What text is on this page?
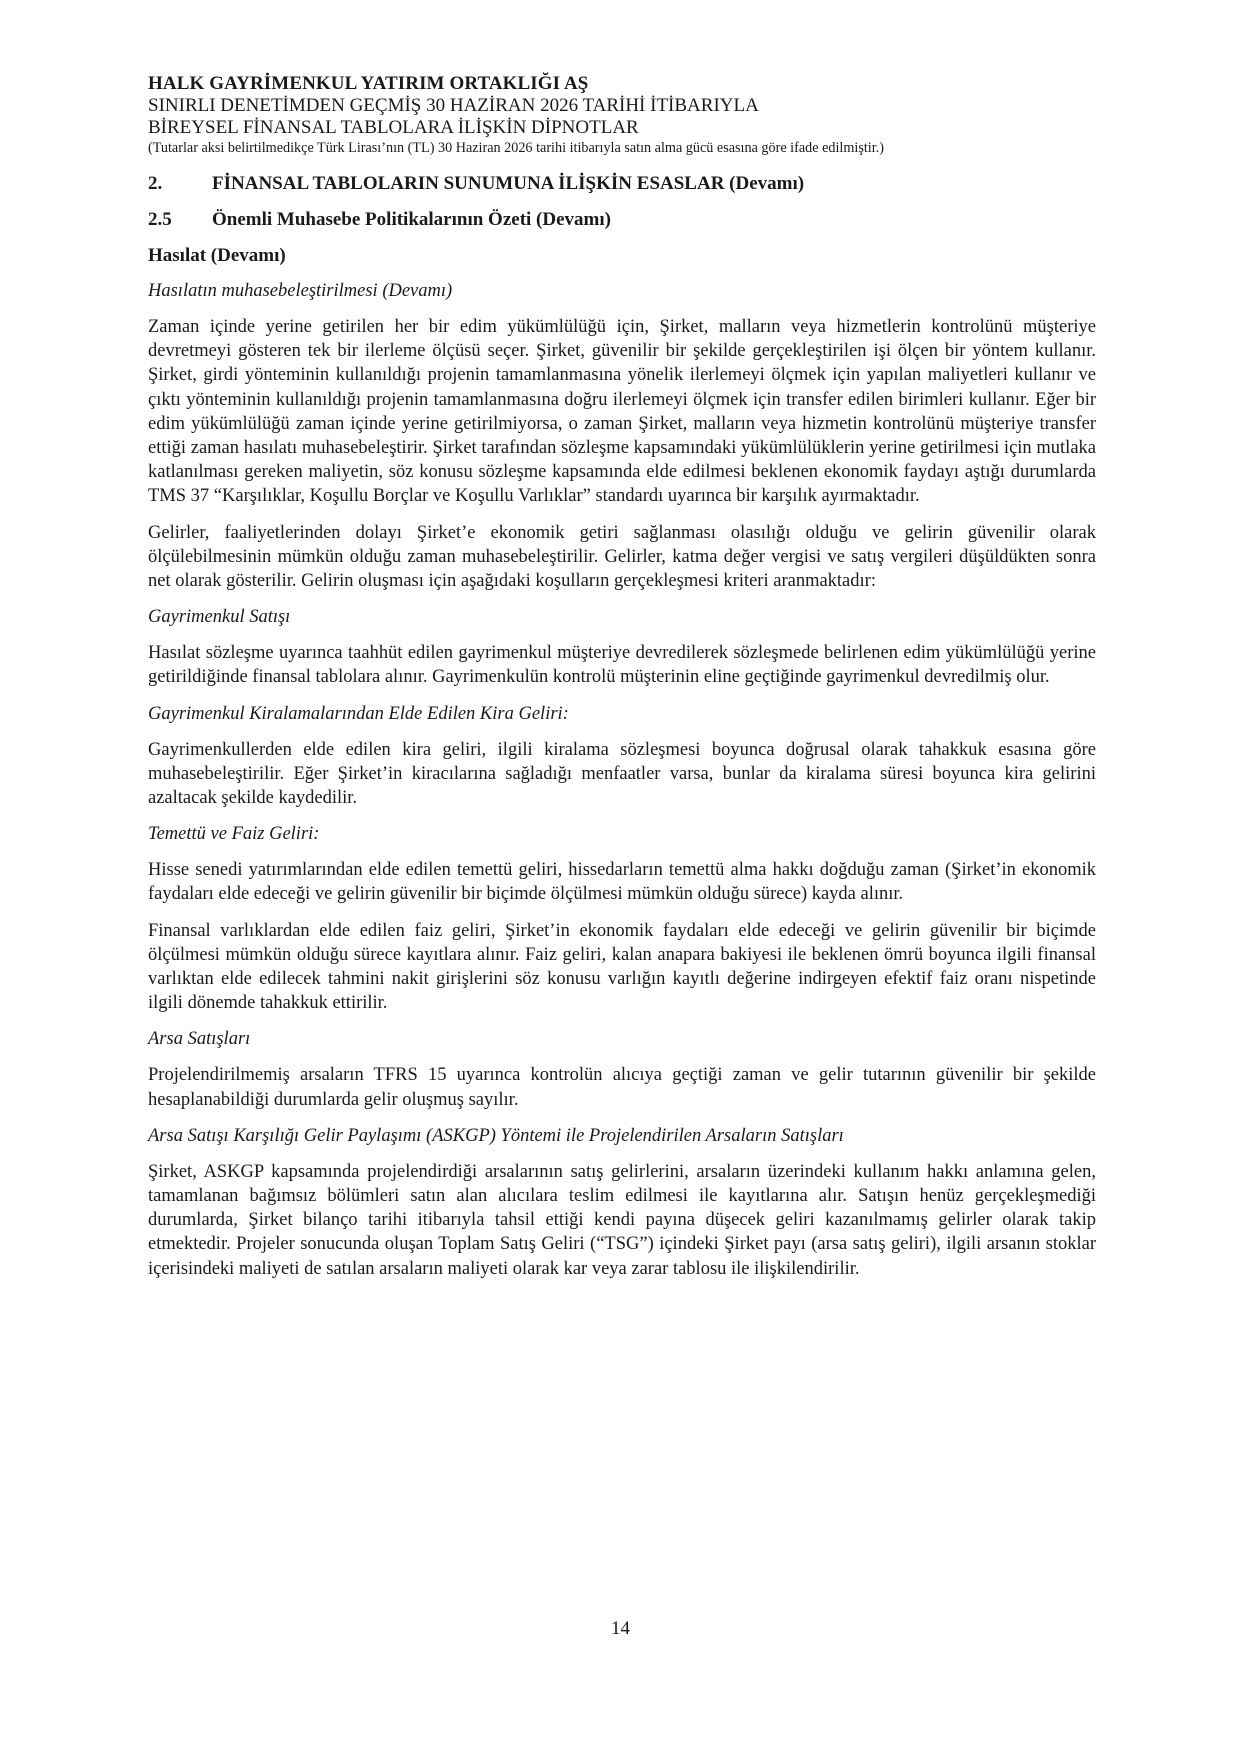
HALK GAYRİMENKUL YATIRIM ORTAKLIĞI AŞ
SINIRLI DENETİMDEN GEÇMİŞ 30 HAZİRAN 2026 TARİHİ İTİBARIYLA
BİREYSEL FİNANSAL TABLOLARA İLİŞKİN DİPNOTLAR
(Tutarlar aksi belirtilmedikçe Türk Lirası’nın (TL) 30 Haziran 2026 tarihi itibarıyla satın alma gücü esasına göre ifade edilmiştir.)
2.	FİNANSAL TABLOLARIN SUNUMUNA İLİŞKİN ESASLAR (Devamı)
2.5	Önemli Muhasebe Politikalarının Özeti (Devamı)
Hasılat (Devamı)
Hasılatın muhasebeleştirilmesi (Devamı)
Zaman içinde yerine getirilen her bir edim yükümlülüğü için, Şirket, malların veya hizmetlerin kontrolünü müşteriye devretmeyi gösteren tek bir ilerleme ölçüsü seçer. Şirket, güvenilir bir şekilde gerçekleştirilen işi ölçen bir yöntem kullanır. Şirket, girdi yönteminin kullanıldığı projenin tamamlanmasına yönelik ilerlemeyi ölçmek için yapılan maliyetleri kullanır ve çıktı yönteminin kullanıldığı projenin tamamlanmasına doğru ilerlemeyi ölçmek için transfer edilen birimleri kullanır. Eğer bir edim yükümlülüğü zaman içinde yerine getirilmiyorsa, o zaman Şirket, malların veya hizmetin kontrolünü müşteriye transfer ettiği zaman hasılatı muhasebeleştirir. Şirket tarafından sözleşme kapsamındaki yükümlülüklerin yerine getirilmesi için mutlaka katlanılması gereken maliyetin, söz konusu sözleşme kapsamında elde edilmesi beklenen ekonomik faydayı aştığı durumlarda TMS 37 “Karşılıklar, Koşullu Borçlar ve Koşullu Varlıklar” standardı uyarınca bir karşılık ayırmaktadır.
Gelirler, faaliyetlerinden dolayı Şirket’e ekonomik getiri sağlanması olasılığı olduğu ve gelirin güvenilir olarak ölçülebilmesinin mümkün olduğu zaman muhasebeleştirilir. Gelirler, katma değer vergisi ve satış vergileri düşüldükten sonra net olarak gösterilir. Gelirin oluşması için aşağıdaki koşulların gerçekleşmesi kriteri aranmaktadır:
Gayrimenkul Satışı
Hasılat sözleşme uyarınca taahhüt edilen gayrimenkul müşteriye devredilerek sözleşmede belirlenen edim yükümlülüğü yerine getirildiğinde finansal tablolara alınır. Gayrimenkulün kontrolü müşterinin eline geçtiğinde gayrimenkul devredilmiş olur.
Gayrimenkul Kiralamalarından Elde Edilen Kira Geliri:
Gayrimenkullerden elde edilen kira geliri, ilgili kiralama sözleşmesi boyunca doğrusal olarak tahakkuk esasına göre muhasebeleştirilir. Eğer Şirket’in kiracılarına sağladığı menfaatler varsa, bunlar da kiralama süresi boyunca kira gelirini azaltacak şekilde kaydedilir.
Temettü ve Faiz Geliri:
Hisse senedi yatırımlarından elde edilen temettü geliri, hissedarların temettü alma hakkı doğduğu zaman (Şirket’in ekonomik faydaları elde edeceği ve gelirin güvenilir bir biçimde ölçülmesi mümkün olduğu sürece) kayda alınır.
Finansal varlıklardan elde edilen faiz geliri, Şirket’in ekonomik faydaları elde edeceği ve gelirin güvenilir bir biçimde ölçülmesi mümkün olduğu sürece kayıtlara alınır. Faiz geliri, kalan anapara bakiyesi ile beklenen ömrü boyunca ilgili finansal varlıktan elde edilecek tahmini nakit girişlerini söz konusu varlığın kayıtlı değerine indirgeyen efektif faiz oranı nispetinde ilgili dönemde tahakkuk ettirilir.
Arsa Satışları
Projelendirilmemiş arsaların TFRS 15 uyarınca kontrolün alıcıya geçtiği zaman ve gelir tutarının güvenilir bir şekilde hesaplanabildiği durumlarda gelir oluşmuş sayılır.
Arsa Satışı Karşılığı Gelir Paylaşımı (ASKGP) Yöntemi ile Projelendirilen Arsaların Satışları
Şirket, ASKGP kapsamında projelendirdiği arsalarının satış gelirlerini, arsaların üzerindeki kullanım hakkı anlamına gelen, tamamlanan bağımsız bölümleri satın alan alıcılara teslim edilmesi ile kayıtlarına alır. Satışın henüz gerçekleşmediği durumlarda, Şirket bilanço tarihi itibarıyla tahsil ettiği kendi payına düşecek geliri kazanılmamış gelirler olarak takip etmektedir. Projeler sonucunda oluşan Toplam Satış Geliri (“TSG”) içindeki Şirket payı (arsa satış geliri), ilgili arsanın stoklar içerisindeki maliyeti de satılan arsaların maliyeti olarak kar veya zarar tablosu ile ilişkilendirilir.
14
